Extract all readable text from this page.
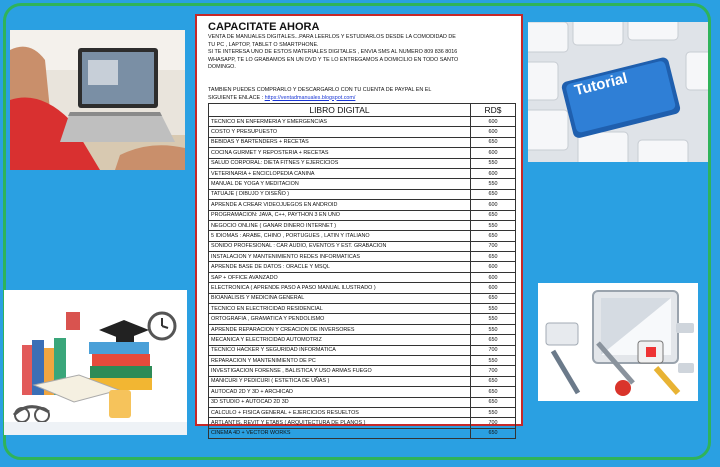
Tutorial
CAPACITATE AHORA

VENTA DE MANUALES DIGITALES...PARA LEERLOS Y ESTUDIARLOS DESDE LA COMODIDAD DE
TU PC , LAPTOP, TABLET O SMARTPHONE.

SI TE INTERESA UNO DE ESTOS MATERIALES DIGITALES , ENVIA SMS AL NUMERO 809 836 8016
WHASAPP, TE LO GRABAMOS EN UN DVD Y TE LO ENTREGAMOS A DOMICILIO EN TODO SANTO
DOMINGO.

TAMBIEN PUEDES COMPRARLO Y DESCARGARLO CON TU CUENTA DE PAYPAL EN EL
SIGUIENTE ENLACE : https://ventadmanuales.blogspot.com/

LIBRO DIGITAL	RD$
TECNICO EN ENFERMERIA Y EMERGENCIAS	600
COSTO Y PRESUPUESTO	600
BEBIDAS Y BARTENDERS + RECETAS	650
COCINA GURMET Y REPOSTERIA + RECETAS	600
SALUD CORPORAL: DIETA FITNES Y EJERCICIOS	550
VETERINARIA + ENCICLOPEDIA CANINA	600
MANUAL DE YOGA Y MEDITACION	550
TATUAJE ( DIBUJO Y DISEÑO )	650
APRENDE A CREAR VIDEOJUEGOS EN ANDROID	600
PROGRAMACION: JAVA, C++, PAYTHON 3 EN UNO	650
NEGOCIO ONLINE ( GANAR DINERO INTERNET )	550
5 IDIOMAS : ARABE, CHINO , PORTUGUES , LATIN Y ITALIANO	650
SONIDO PROFESIONAL : CAR AUDIO, EVENTOS Y EST. GRABACION	700
INSTALACION Y MANTENIMIENTO REDES INFORMATICAS	650
APRENDE BASE DE DATOS : ORACLE Y MSQL	600
SAP + OFFICE AVANZADO	600
ELECTRONICA ( APRENDE PASO A PASO MANUAL ILUSTRADO )	600
BIOANALISIS Y MEDICINA GENERAL	650
TECNICO EN ELECTRICIDAD RESIDENCIAL	550
ORTOGRAFIA , GRAMATICA Y PENDOLISMO	550
APRENDE REPARACION Y CREACION DE INVERSORES	550
MECANICA Y ELECTRICIDAD AUTOMOTRIZ	650
TECNICO HACKER Y SEGURIDAD INFORMATICA	700
REPARACION Y MANTENIMIENTO DE PC	550
INVESTIGACION FORENSE , BALISTICA Y USO ARMAS FUEGO	700
MANICURI Y PEDICURI ( ESTETICA DE UÑAS )	650
AUTOCAD 2D Y 3D + ARCHICAD	650
3D STUDIO + AUTOCAD 2D 3D	650
CALCULO + FISICA GENERAL + EJERCICIOS RESUELTOS	550
ARTLANTIS, REVIT Y ETABS ( ARQUITECTURA DE PLANOS )	700
CINEMA 4D + VECTOR WORKS	650
